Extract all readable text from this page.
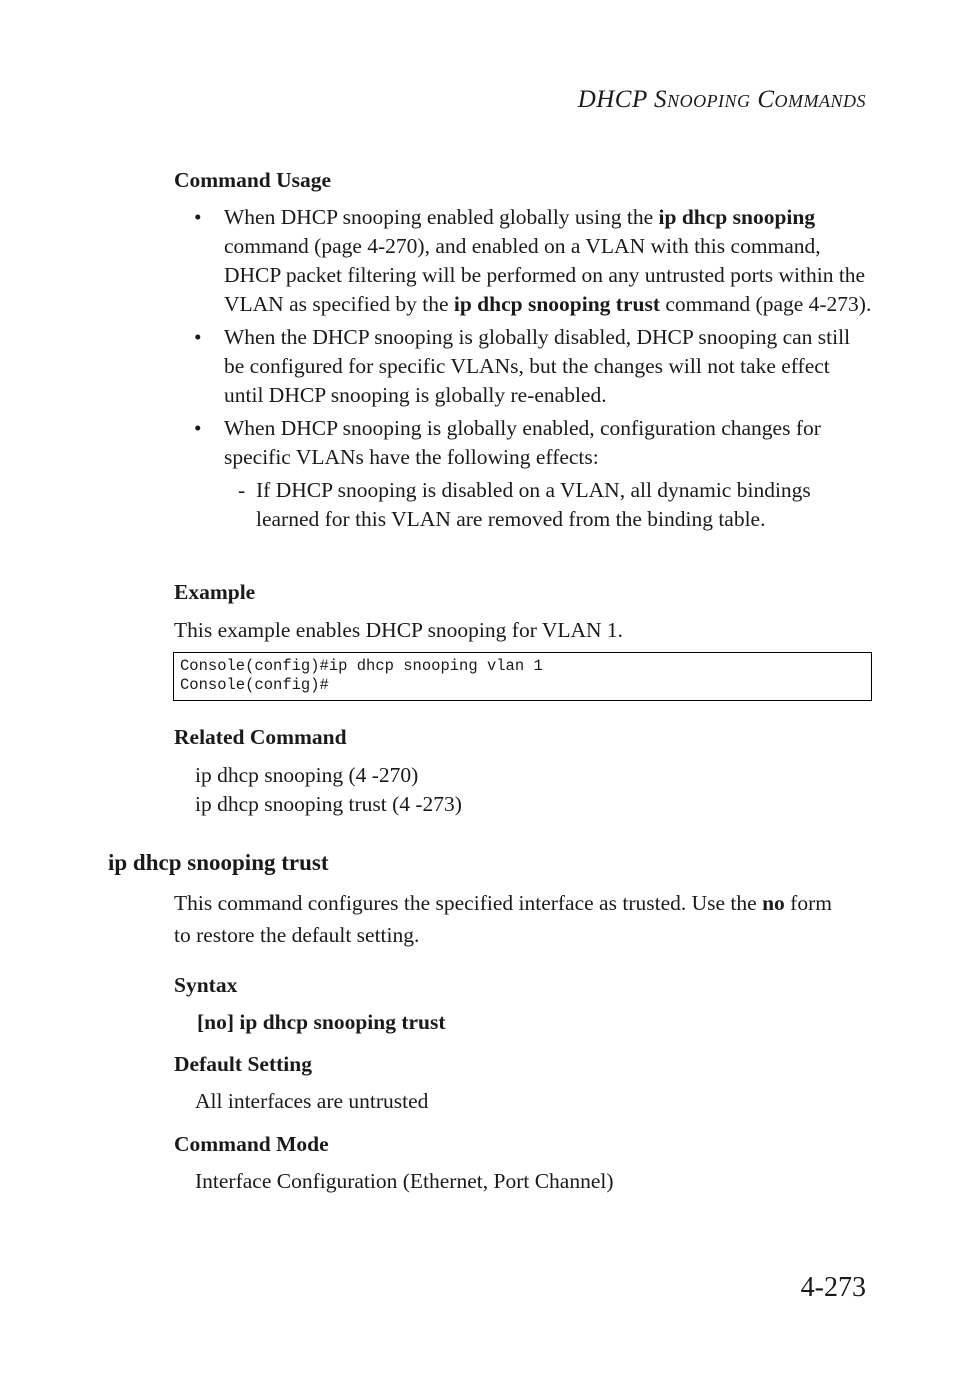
DHCP SNOOPING COMMANDS
Command Usage
• When DHCP snooping enabled globally using the ip dhcp snooping command (page 4-270), and enabled on a VLAN with this command, DHCP packet filtering will be performed on any untrusted ports within the VLAN as specified by the ip dhcp snooping trust command (page 4-273).
• When the DHCP snooping is globally disabled, DHCP snooping can still be configured for specific VLANs, but the changes will not take effect until DHCP snooping is globally re-enabled.
• When DHCP snooping is globally enabled, configuration changes for specific VLANs have the following effects:
- If DHCP snooping is disabled on a VLAN, all dynamic bindings learned for this VLAN are removed from the binding table.
Example
This example enables DHCP snooping for VLAN 1.
Console(config)#ip dhcp snooping vlan 1
Console(config)#
Related Command
ip dhcp snooping (4 -270)
ip dhcp snooping trust (4 -273)
ip dhcp snooping trust
This command configures the specified interface as trusted. Use the no form to restore the default setting.
Syntax
[no] ip dhcp snooping trust
Default Setting
All interfaces are untrusted
Command Mode
Interface Configuration (Ethernet, Port Channel)
4-273
